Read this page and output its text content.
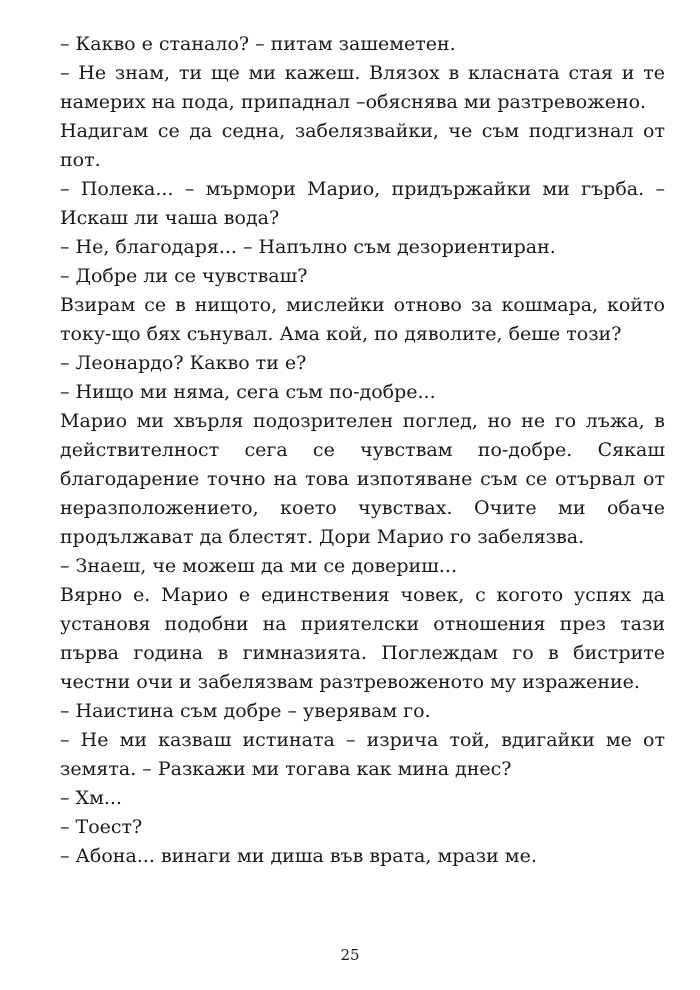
– Какво е станало? – питам зашеметен.

– Не знам, ти ще ми кажеш. Влязох в класната стая и те намерих на пода, припаднал –обяснява ми разтревожено.

Надигам се да седна, забелязвайки, че съм подгизнал от пот.

– Полека... – мърмори Марио, придържайки ми гърба. – Искаш ли чаша вода?

– Не, благодаря... – Напълно съм дезориентиран.

– Добре ли се чувстваш?

Взирам се в нищото, мислейки отново за кошмара, който току-що бях сънувал. Ама кой, по дяволите, беше този?

– Леонардо? Какво ти е?

– Нищо ми няма, сега съм по-добре...

Марио ми хвърля подозрителен поглед, но не го лъжа, в действителност сега се чувствам по-добре. Сякаш благодарение точно на това изпотяване съм се отървал от неразположението, което чувствах. Очите ми обаче продължават да блестят. Дори Марио го забелязва.

– Знаеш, че можеш да ми се довериш...

Вярно е. Марио е единствения човек, с когото успях да установя подобни на приятелски отношения през тази първа година в гимназията. Поглеждам го в бистрите честни очи и забелязвам разтревоженото му изражение.

– Наистина съм добре – уверявам го.

– Не ми казваш истината – изрича той, вдигайки ме от земята. – Разкажи ми тогава как мина днес?

– Хм...

– Тоест?

– Абона... винаги ми диша във врата, мрази ме.

25
